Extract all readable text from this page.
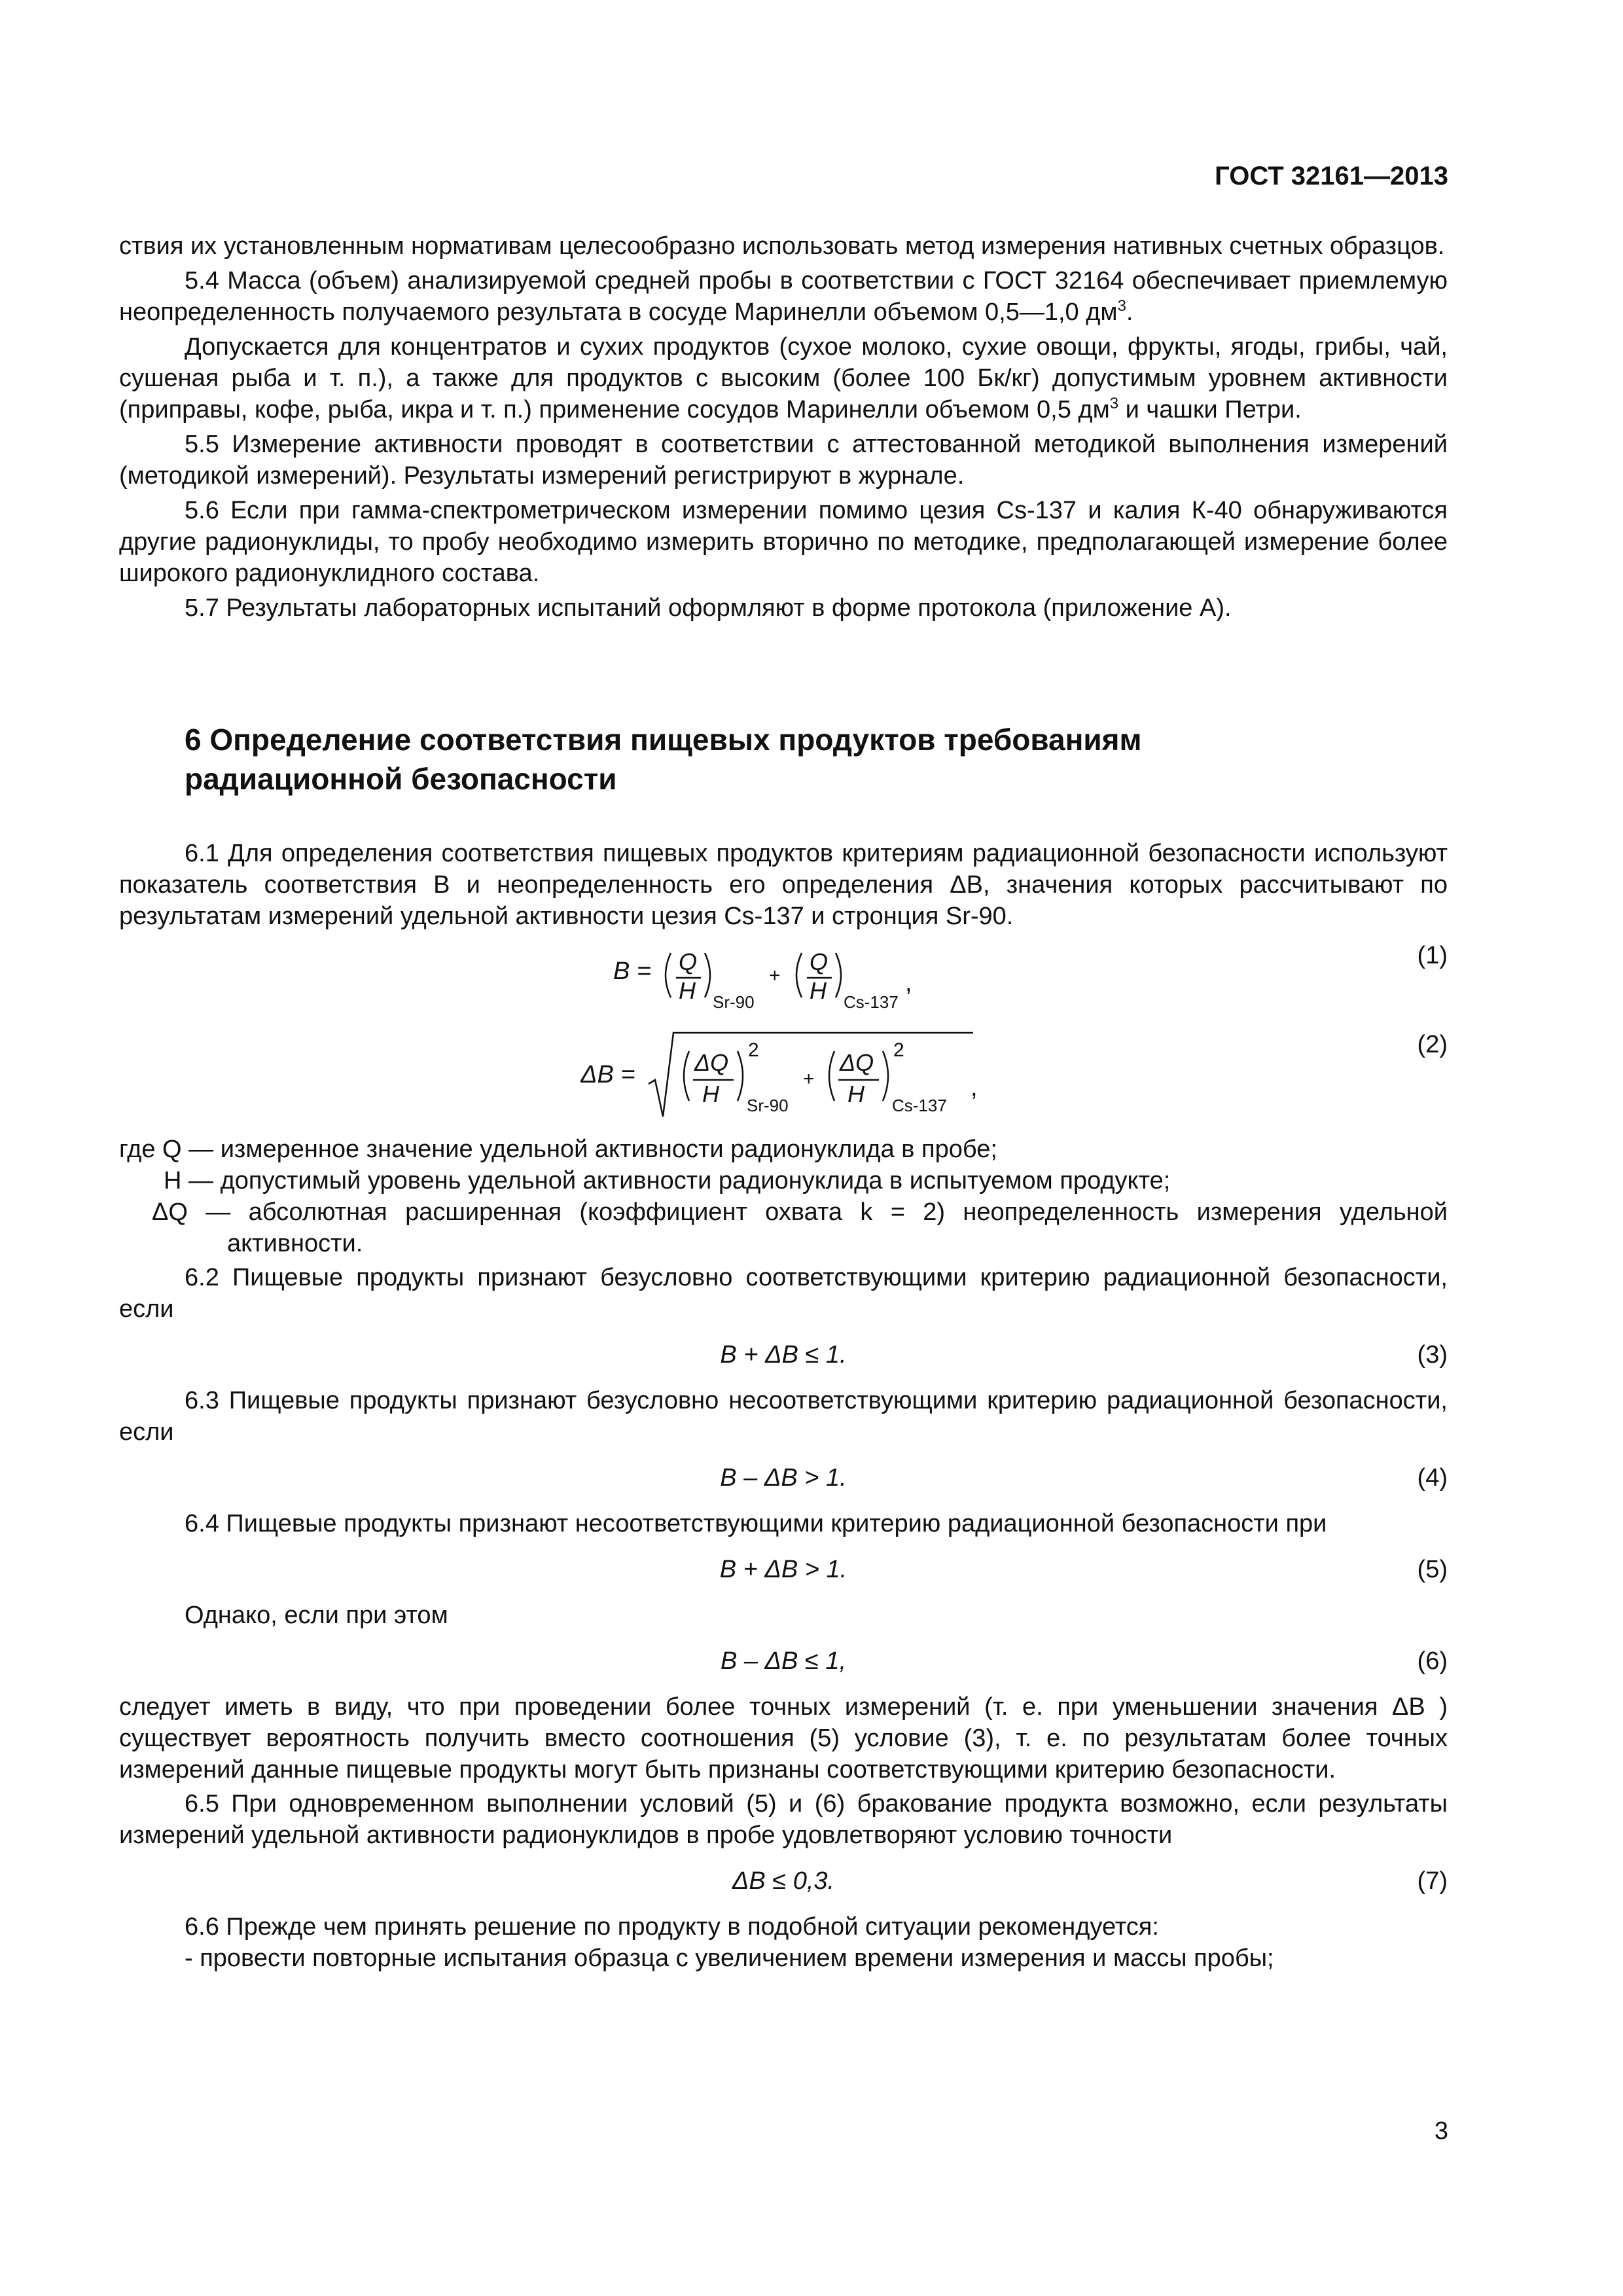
ГОСТ 32161—2013

ствия их установленным нормативам целесообразно использовать метод измерения нативных счетных образцов.

5.4 Масса (объем) анализируемой средней пробы в соответствии с ГОСТ 32164 обеспечивает приемлемую неопределенность получаемого результата в сосуде Маринелли объемом 0,5—1,0 $дм^3$.

Допускается для концентратов и сухих продуктов (сухое молоко, сухие овощи, фрукты, ягоды, грибы, чай, сушеная рыба и т. п.), а также для продуктов с высоким (более 100 Бк/кг) допустимым уровнем активности (приправы, кофе, рыба, икра и т. п.) применение сосудов Маринелли объемом 0,5 $дм^3$ и чашки Петри.

5.5 Измерение активности проводят в соответствии с аттестованной методикой выполнения измерений (методикой измерений). Результаты измерений регистрируют в журнале.

5.6 Если при гамма-спектрометрическом измерении помимо цезия Cs-137 и калия К-40 обнаруживаются другие радионуклиды, то пробу необходимо измерить вторично по методике, предполагающей измерение более широкого радионуклидного состава.

5.7 Результаты лабораторных испытаний оформляют в форме протокола (приложение А).

6 Определение соответствия пищевых продуктов требованиям
радиационной безопасности

6.1 Для определения соответствия пищевых продуктов критериям радиационной безопасности используют показатель соответствия B и неопределенность его определения ΔB, значения которых рассчитывают по результатам измерений удельной активности цезия Cs-137 и стронция Sr-90.

B = Q
H Sr-90
+
Q
H Cs-137
,
(1)
ΔB =	ΔQ
H
2
Sr-90
+
ΔQ
H
2
Cs-137
,
(2)

где Q — измеренное значение удельной активности радионуклида в пробе;

H — допустимый уровень удельной активности радионуклида в испытуемом продукте;

ΔQ — абсолютная расширенная (коэффициент охвата k = 2) неопределенность измерения удельной активности.

6.2 Пищевые продукты признают безусловно соответствующими критерию радиационной безопасности, если

B + ΔB ≤ 1.	(3)

6.3 Пищевые продукты признают безусловно несоответствующими критерию радиационной безопасности, если

B – ΔB > 1.	(4)

6.4 Пищевые продукты признают несоответствующими критерию радиационной безопасности при

B + ΔB > 1.	(5)

Однако, если при этом

B – ΔB ≤ 1,	(6)

следует иметь в виду, что при проведении более точных измерений (т. е. при уменьшении значения ΔB ) существует вероятность получить вместо соотношения (5) условие (3), т. е. по результатам более точных измерений данные пищевые продукты могут быть признаны соответствующими критерию безопасности.

6.5 При одновременном выполнении условий (5) и (6) бракование продукта возможно, если результаты измерений удельной активности радионуклидов в пробе удовлетворяют условию точности

ΔB ≤ 0,3.	(7)

6.6 Прежде чем принять решение по продукту в подобной ситуации рекомендуется:

- провести повторные испытания образца с увеличением времени измерения и массы пробы;

3
